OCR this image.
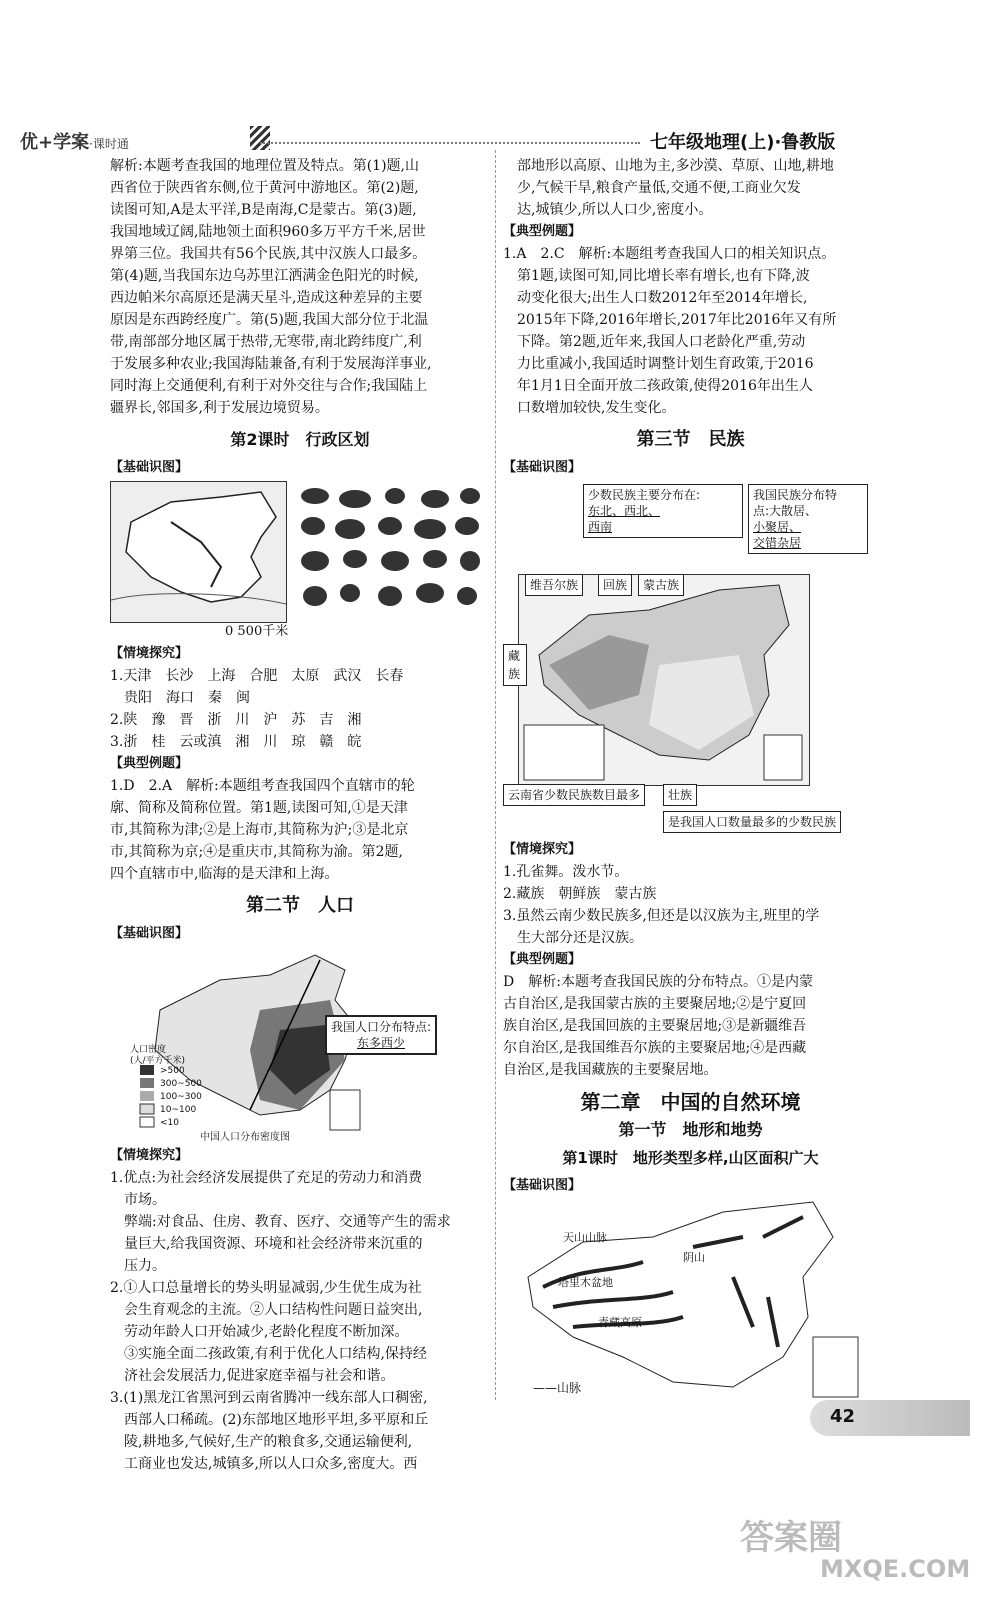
优+学案·课时通	七年级地理(上)·鲁教版

解析:本题考查我国的地理位置及特点。第(1)题,山

西省位于陕西省东侧,位于黄河中游地区。第(2)题,

读图可知,A是太平洋,B是南海,C是蒙古。第(3)题,

我国地域辽阔,陆地领土面积960多万平方千米,居世

界第三位。我国共有56个民族,其中汉族人口最多。

第(4)题,当我国东边乌苏里江洒满金色阳光的时候,

西边帕米尔高原还是满天星斗,造成这种差异的主要

原因是东西跨经度广。第(5)题,我国大部分位于北温

带,南部部分地区属于热带,无寒带,南北跨纬度广,利

于发展多种农业;我国海陆兼备,有利于发展海洋事业,

同时海上交通便利,有利于对外交往与合作;我国陆上

疆界长,邻国多,利于发展边境贸易。

第2课时　行政区划
【基础识图】
0 500千米
【情境探究】

1.天津　长沙　上海　合肥　太原　武汉　长春

贵阳　海口　秦　闽

2.陕　豫　晋　浙　川　沪　苏　吉　湘

3.浙　桂　云或滇　湘　川　琼　赣　皖

【典型例题】

1.D　2.A　解析:本题组考查我国四个直辖市的轮

廓、简称及简称位置。第1题,读图可知,①是天津

市,其简称为津;②是上海市,其简称为沪;③是北京

市,其简称为京;④是重庆市,其简称为渝。第2题,

四个直辖市中,临海的是天津和上海。

第二节　人口
【基础识图】
我国人口分布特点:
东多西少
人口密度
(人/平方千米)
>500
300~500
100~300
10~100
<10
中国人口分布密度图
【情境探究】

1.优点:为社会经济发展提供了充足的劳动力和消费

市场。

弊端:对食品、住房、教育、医疗、交通等产生的需求

量巨大,给我国资源、环境和社会经济带来沉重的

压力。

2.①人口总量增长的势头明显减弱,少生优生成为社

会生育观念的主流。②人口结构性问题日益突出,

劳动年龄人口开始减少,老龄化程度不断加深。

③实施全面二孩政策,有利于优化人口结构,保持经

济社会发展活力,促进家庭幸福与社会和谐。

3.(1)黑龙江省黑河到云南省腾冲一线东部人口稠密,

西部人口稀疏。(2)东部地区地形平坦,多平原和丘

陵,耕地多,气候好,生产的粮食多,交通运输便利,

工商业也发达,城镇多,所以人口众多,密度大。西

部地形以高原、山地为主,多沙漠、草原、山地,耕地

少,气候干旱,粮食产量低,交通不便,工商业欠发

达,城镇少,所以人口少,密度小。

【典型例题】

1.A　2.C　解析:本题组考查我国人口的相关知识点。

第1题,读图可知,同比增长率有增长,也有下降,波

动变化很大;出生人口数2012年至2014年增长,

2015年下降,2016年增长,2017年比2016年又有所

下降。第2题,近年来,我国人口老龄化严重,劳动

力比重减小,我国适时调整计划生育政策,于2016

年1月1日全面开放二孩政策,使得2016年出生人

口数增加较快,发生变化。

第三节　民族
【基础识图】
少数民族主要分布在:
东北、西北、
西南
我国民族分布特
点:大散居、
小聚居、
交错杂居
维吾尔族	回族	蒙古族
藏族
云南省少数民族数目最多	壮族
是我国人口数量最多的少数民族
【情境探究】

1.孔雀舞。泼水节。

2.藏族　朝鲜族　蒙古族

3.虽然云南少数民族多,但还是以汉族为主,班里的学

生大部分还是汉族。

【典型例题】

D　解析:本题考查我国民族的分布特点。①是内蒙

古自治区,是我国蒙古族的主要聚居地;②是宁夏回

族自治区,是我国回族的主要聚居地;③是新疆维吾

尔自治区,是我国维吾尔族的主要聚居地;④是西藏

自治区,是我国藏族的主要聚居地。

第二章　中国的自然环境
第一节　地形和地势
第1课时　地形类型多样,山区面积广大
【基础识图】
天山山脉
塔里木盆地
阴山
青藏高原
——山脉
42
答案圈
MXQE.COM
